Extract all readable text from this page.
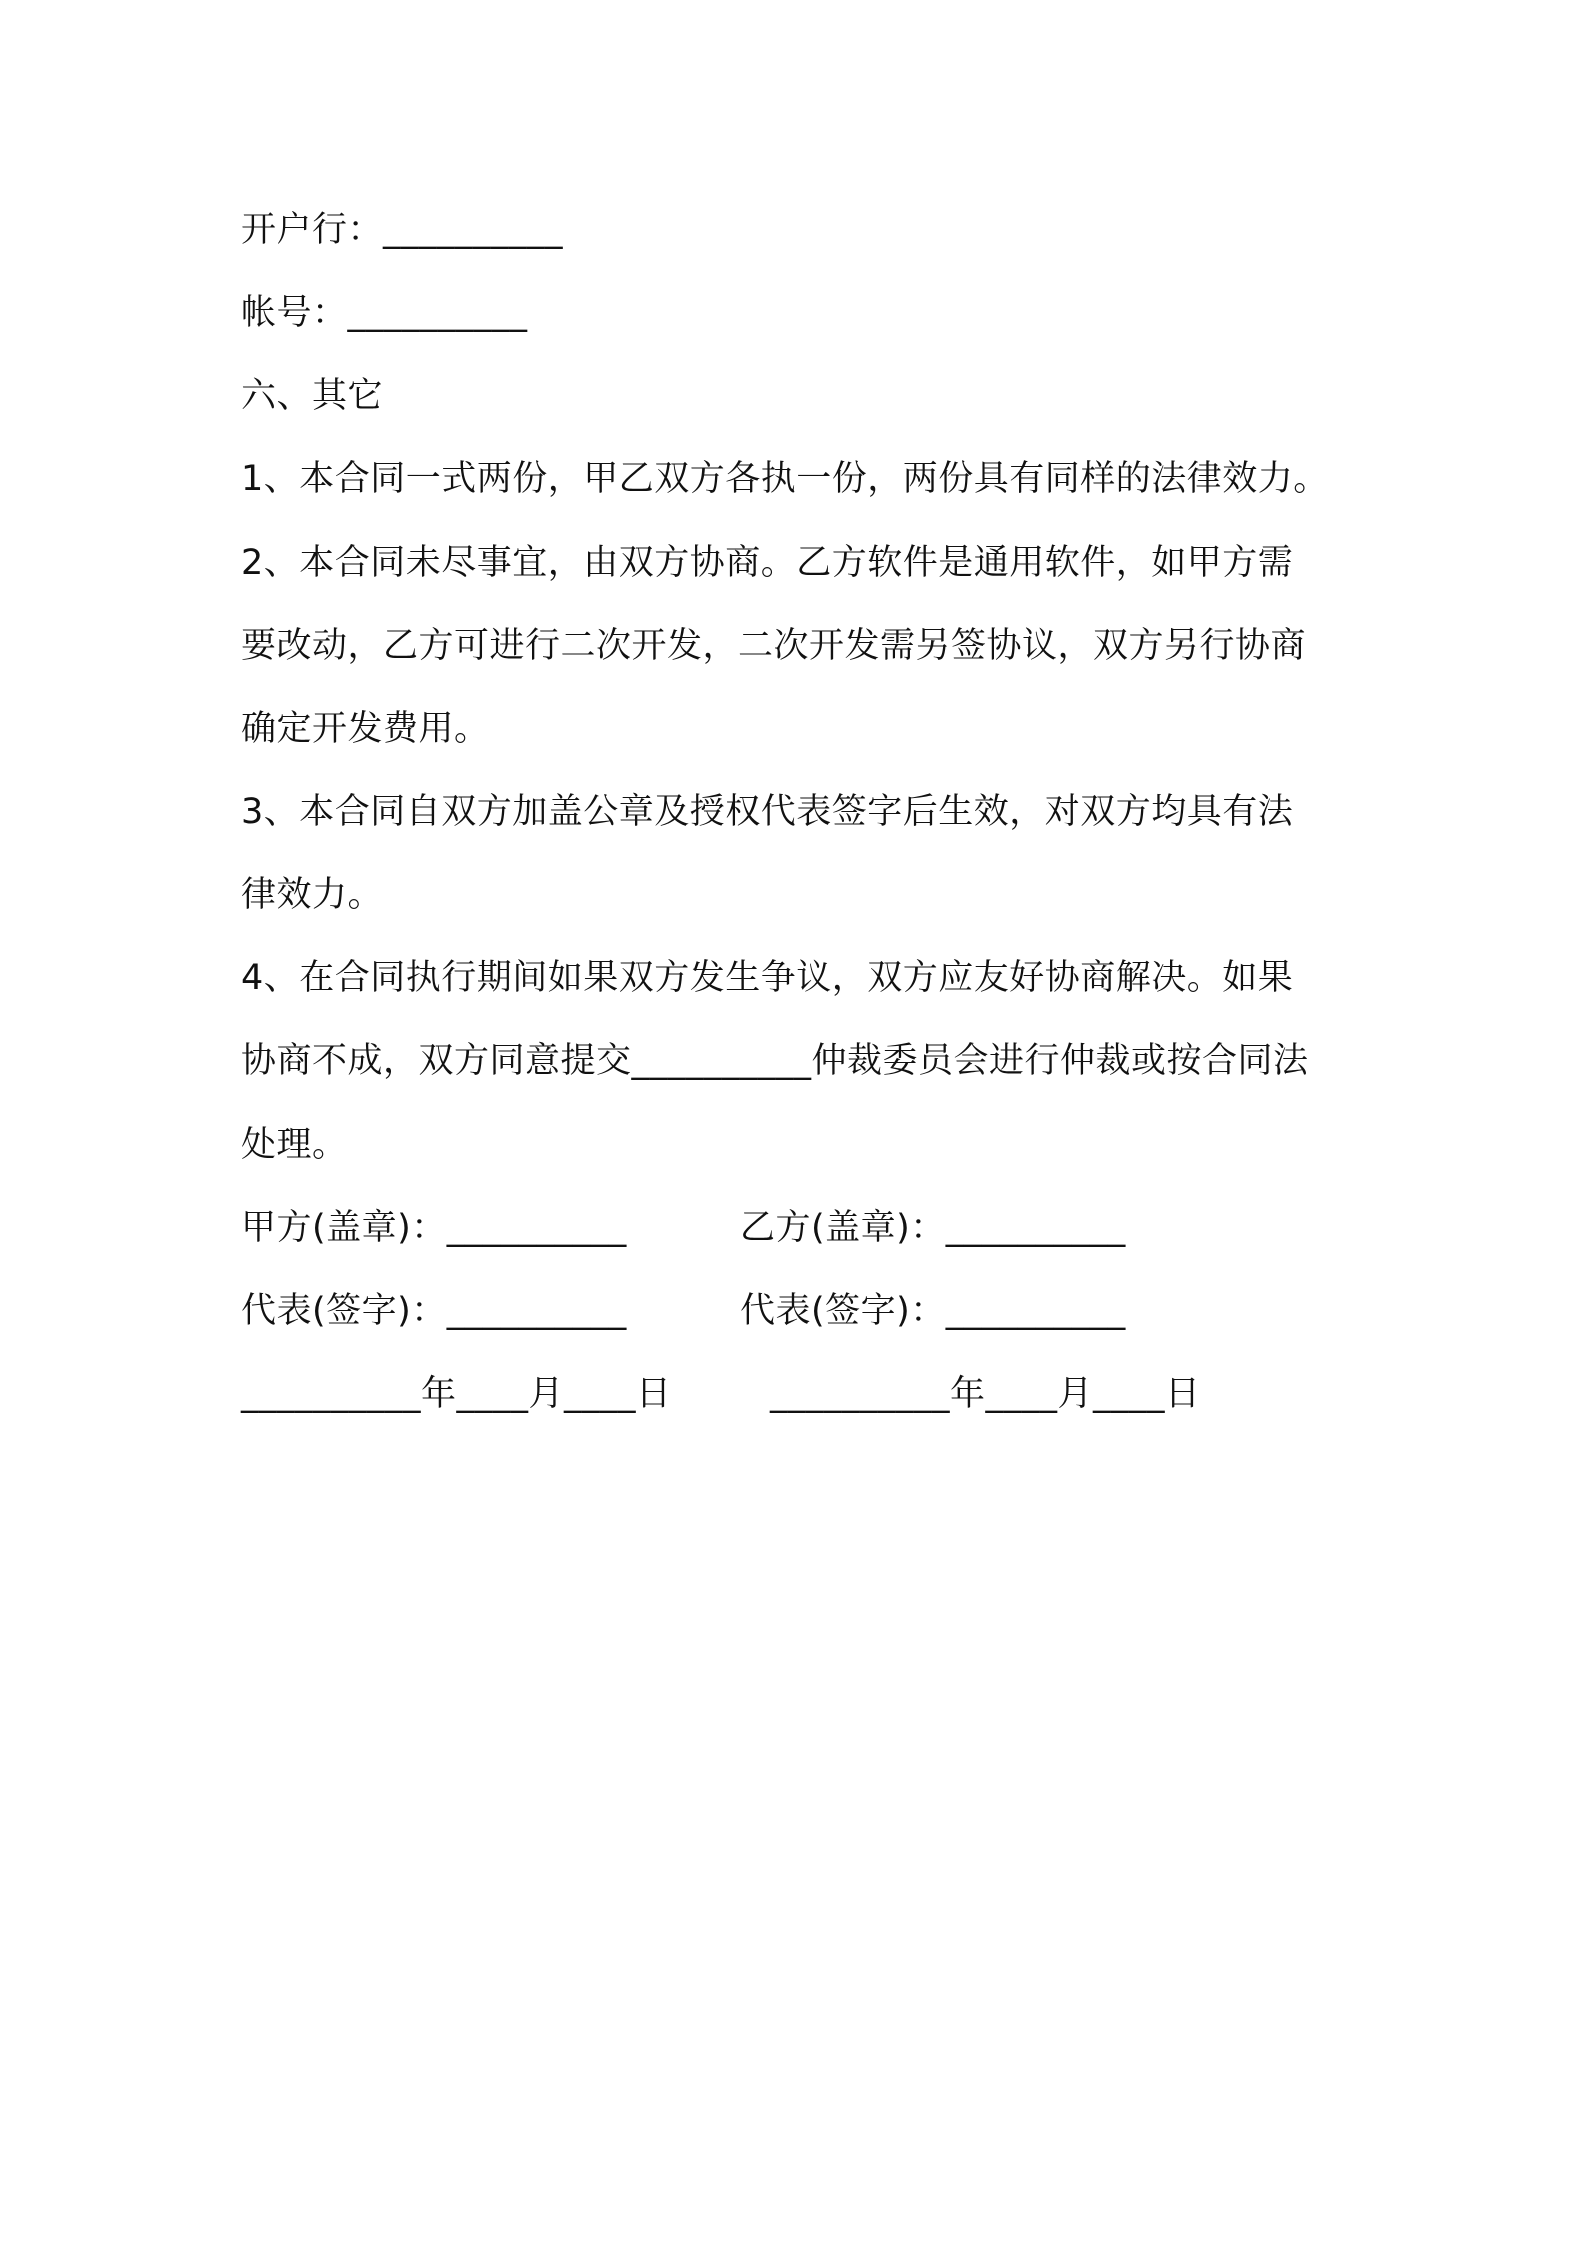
开户行：__________
帐号：__________
六、其它
1、本合同一式两份，甲乙双方各执一份，两份具有同样的法律效力。
2、本合同未尽事宜，由双方协商。乙方软件是通用软件，如甲方需
要改动，乙方可进行二次开发，二次开发需另签协议，双方另行协商
确定开发费用。
3、本合同自双方加盖公章及授权代表签字后生效，对双方均具有法
律效力。
4、在合同执行期间如果双方发生争议，双方应友好协商解决。如果
协商不成，双方同意提交__________仲裁委员会进行仲裁或按合同法
处理。
甲方(盖章)：__________	乙方(盖章)：__________
代表(签字)：__________	代表(签字)：__________
__________年____月____日	__________年____月____日
